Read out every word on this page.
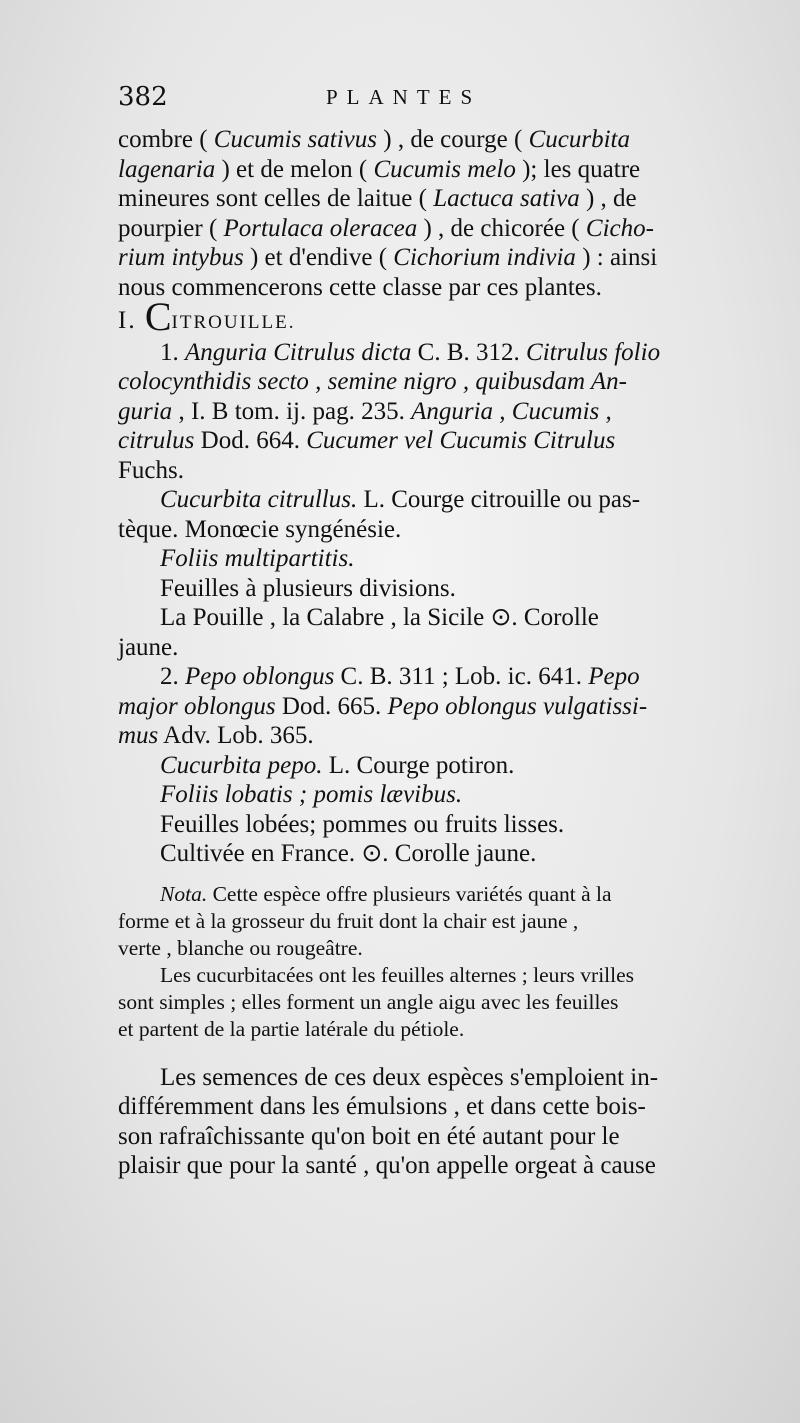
382	PLANTES

combre ( Cucumis sativus ) , de courge ( Cucurbita
lagenaria ) et de melon ( Cucumis melo ); les quatre
mineures sont celles de laitue ( Lactuca sativa ) , de
pourpier ( Portulaca oleracea ) , de chicorée ( Cicho-
rium intybus ) et d'endive ( Cichorium indivia ) : ainsi
nous commencerons cette classe par ces plantes.

I. CITROUILLE.

1. Anguria Citrulus dicta C. B. 312. Citrulus folio
colocynthidis secto , semine nigro , quibusdam An-
guria , I. B tom. ij. pag. 235. Anguria , Cucumis ,
citrulus Dod. 664. Cucumer vel Cucumis Citrulus
Fuchs.

Cucurbita citrullus. L. Courge citrouille ou pas-
tèque. Monœcie syngénésie.

Foliis multipartitis.

Feuilles à plusieurs divisions.

La Pouille , la Calabre , la Sicile ⊙. Corolle
jaune.

2. Pepo oblongus C. B. 311 ; Lob. ic. 641. Pepo
major oblongus Dod. 665. Pepo oblongus vulgatissi-
mus Adv. Lob. 365.

Cucurbita pepo. L. Courge potiron.

Foliis lobatis ; pomis lævibus.

Feuilles lobées; pommes ou fruits lisses.

Cultivée en France. ⊙. Corolle jaune.

Nota. Cette espèce offre plusieurs variétés quant à la
forme et à la grosseur du fruit dont la chair est jaune ,
verte , blanche ou rougeâtre.

Les cucurbitacées ont les feuilles alternes ; leurs vrilles
sont simples ; elles forment un angle aigu avec les feuilles
et partent de la partie latérale du pétiole.

Les semences de ces deux espèces s'emploient in-
différemment dans les émulsions , et dans cette bois-
son rafraîchissante qu'on boit en été autant pour le
plaisir que pour la santé , qu'on appelle orgeat à cause
